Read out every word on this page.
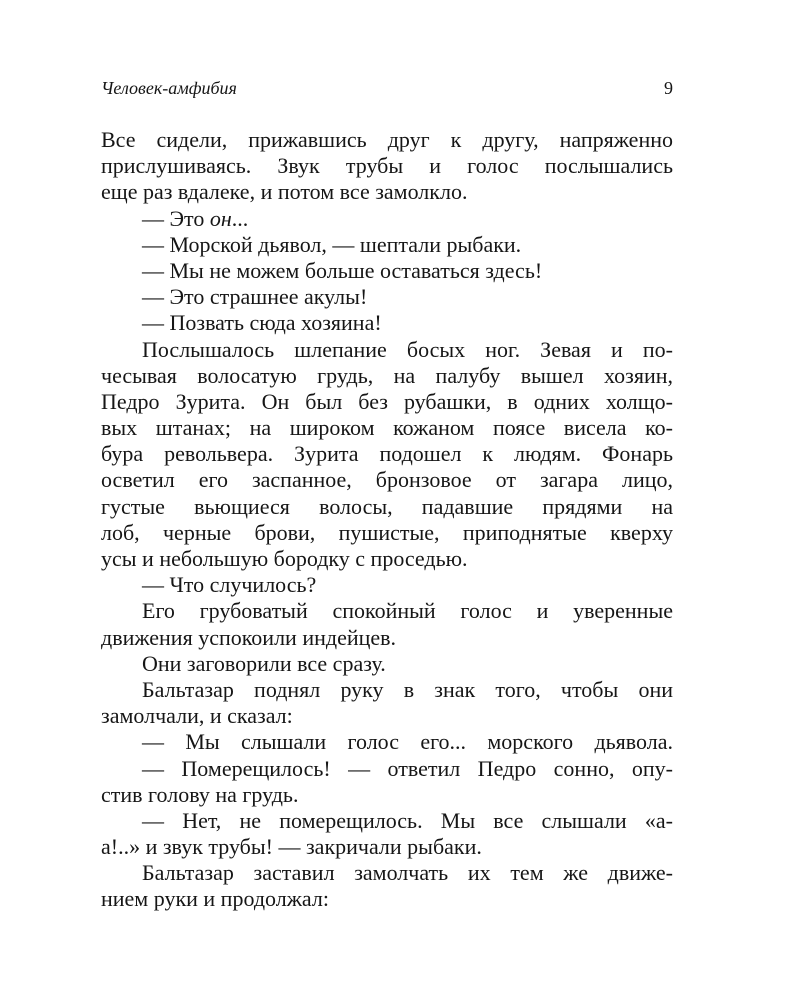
Человек-амфибия	9
Все сидели, прижавшись друг к другу, напряженно
прислушиваясь. Звук трубы и голос послышались
еще раз вдалеке, и потом все замолкло.
— Это он...
— Морской дьявол, — шептали рыбаки.
— Мы не можем больше оставаться здесь!
— Это страшнее акулы!
— Позвать сюда хозяина!
Послышалось шлепание босых ног. Зевая и по-
чесывая волосатую грудь, на палубу вышел хозяин,
Педро Зурита. Он был без рубашки, в одних холщо-
вых штанах; на широком кожаном поясе висела ко-
бура револьвера. Зурита подошел к людям. Фонарь
осветил его заспанное, бронзовое от загара лицо,
густые вьющиеся волосы, падавшие прядями на
лоб, черные брови, пушистые, приподнятые кверху
усы и небольшую бородку с проседью.
— Что случилось?
Его грубоватый спокойный голос и уверенные
движения успокоили индейцев.
Они заговорили все сразу.
Бальтазар поднял руку в знак того, чтобы они
замолчали, и сказал:
— Мы слышали голос его... морского дьявола.
— Померещилось! — ответил Педро сонно, опу-
стив голову на грудь.
— Нет, не померещилось. Мы все слышали «а-
а!..» и звук трубы! — закричали рыбаки.
Бальтазар заставил замолчать их тем же движе-
нием руки и продолжал:
